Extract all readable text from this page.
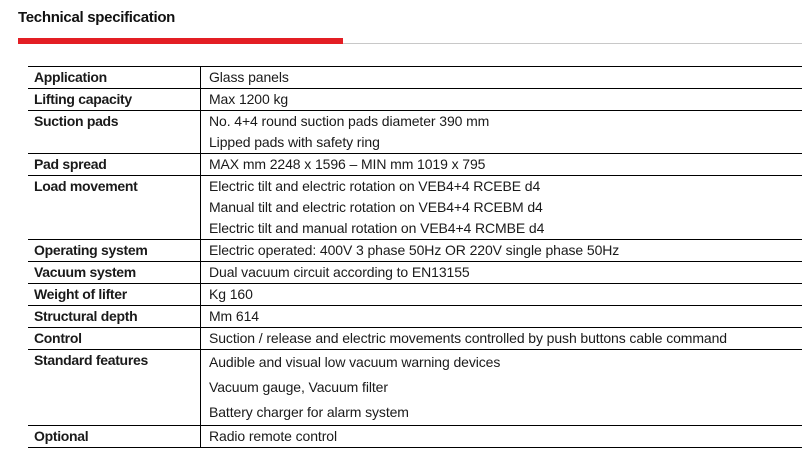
Technical specification
Application	Glass panels

Lifting capacity	Max 1200 kg

Suction pads	No. 4+4 round suction pads diameter 390 mm
Lipped pads with safety ring

Pad spread	MAX mm 2248 x 1596 – MIN mm 1019 x 795

Load movement	Electric tilt and electric rotation on VEB4+4 RCEBE d4
Manual tilt and electric rotation on VEB4+4 RCEBM d4
Electric tilt and manual rotation on VEB4+4 RCMBE d4

Operating system	Electric operated: 400V 3 phase 50Hz OR 220V single phase 50Hz

Vacuum system	Dual vacuum circuit according to EN13155

Weight of lifter	Kg 160

Structural depth	Mm 614

Control	Suction / release and electric movements controlled by push buttons cable command

Standard features	Audible and visual low vacuum warning devices
Vacuum gauge, Vacuum filter
Battery charger for alarm system

Optional	Radio remote control
